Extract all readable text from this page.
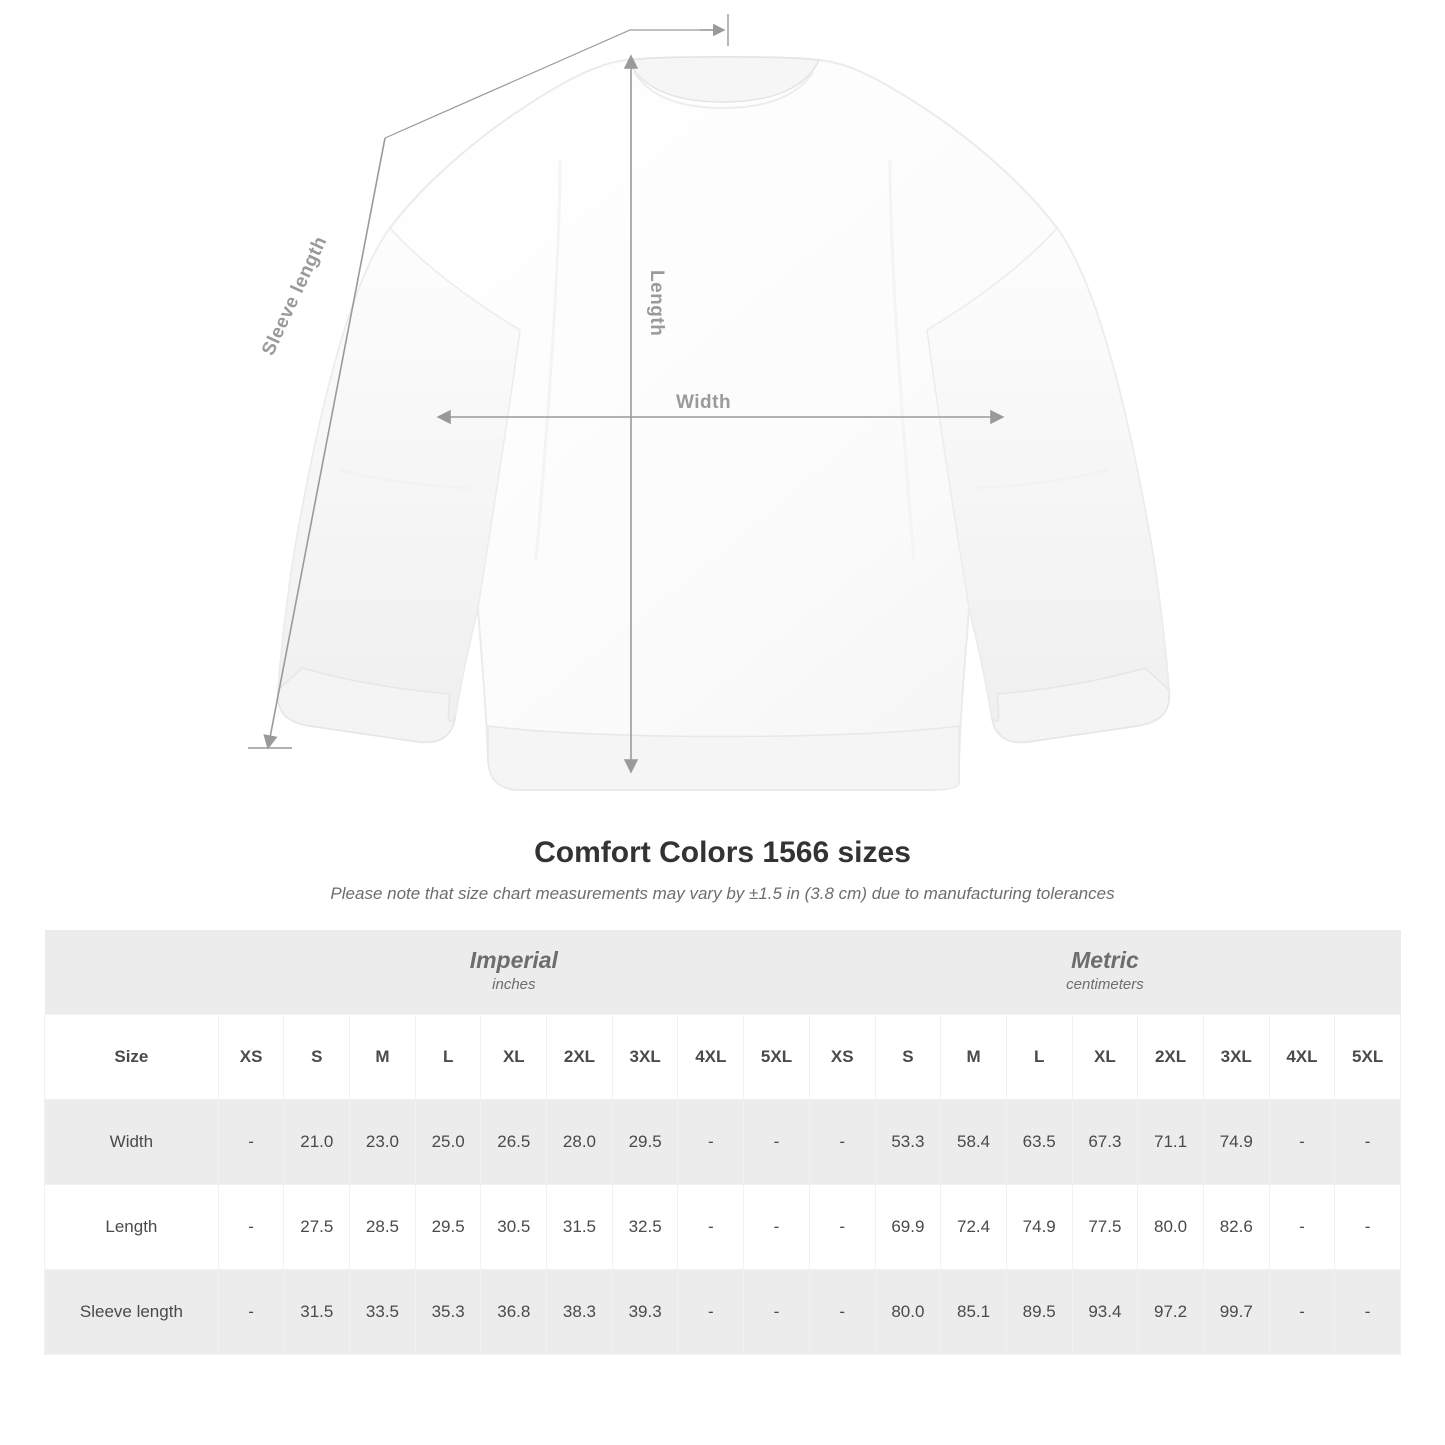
Length
Width
Sleeve length
Comfort Colors 1566 sizes

Please note that size chart measurements may vary by ±1.5 in (3.8 cm) due to manufacturing tolerances

	Imperial
inches									Metric
centimeters								

Size	XS	S	M	L	XL	2XL	3XL	4XL	5XL	XS	S	M	L	XL	2XL	3XL	4XL	5XL
Width	-	21.0	23.0	25.0	26.5	28.0	29.5	-	-	-	53.3	58.4	63.5	67.3	71.1	74.9	-	-
Length	-	27.5	28.5	29.5	30.5	31.5	32.5	-	-	-	69.9	72.4	74.9	77.5	80.0	82.6	-	-
Sleeve length	-	31.5	33.5	35.3	36.8	38.3	39.3	-	-	-	80.0	85.1	89.5	93.4	97.2	99.7	-	-
